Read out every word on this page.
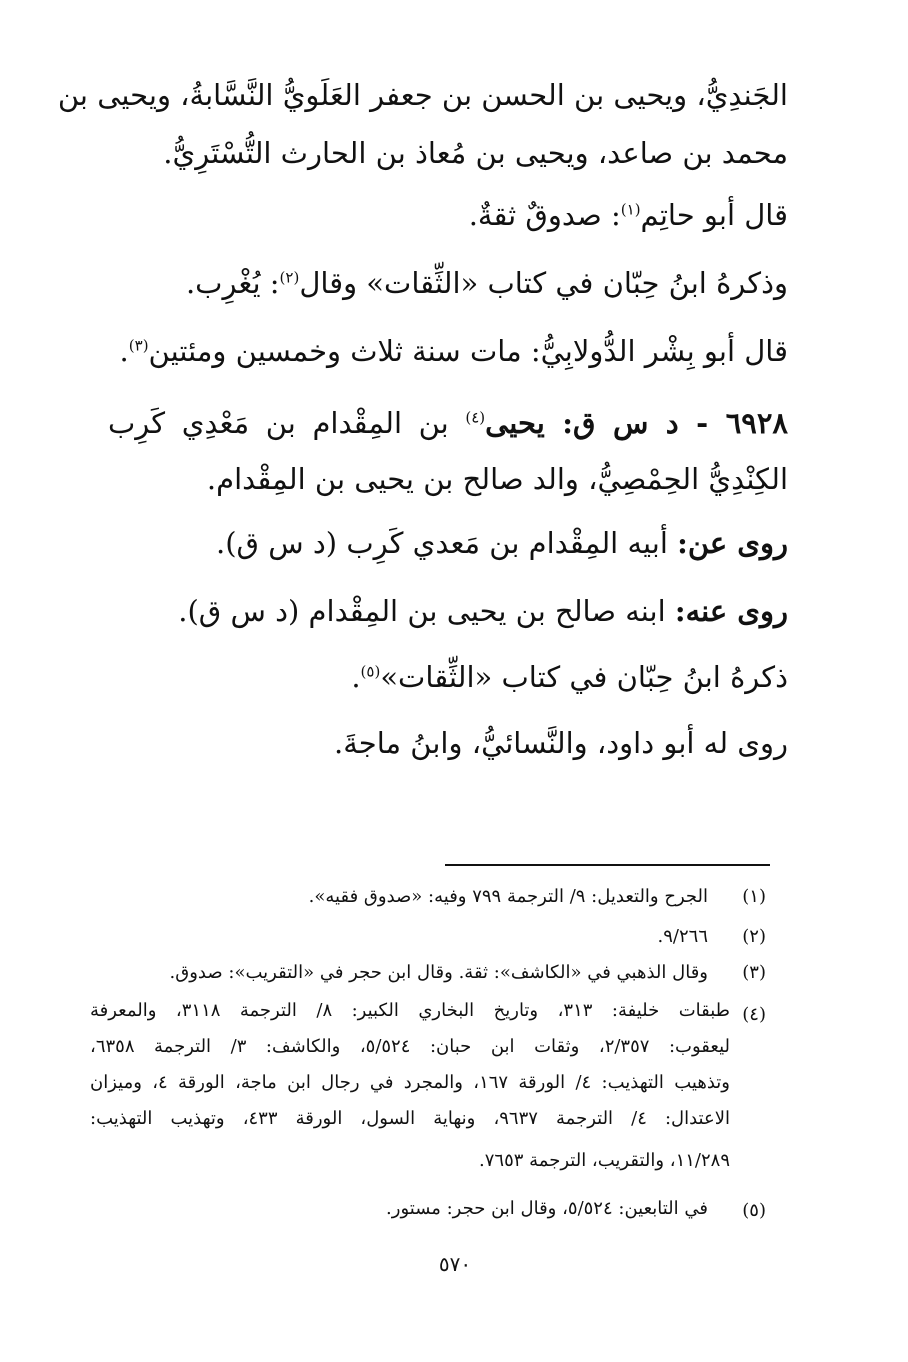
الجَندِيُّ، ويحيى بن الحسن بن جعفر العَلَويُّ النَّسَّابةُ، ويحيى بن
محمد بن صاعد، ويحيى بن مُعاذ بن الحارث التُّسْتَرِيُّ.
قال أبو حاتِم$^{(١)}$: صدوقٌ ثقةٌ.
وذكرهُ ابنُ حِبّان في كتاب «الثِّقات» وقال$^{(٢)}$: يُغْرِب.
قال أبو بِشْر الدُّولابِيُّ: مات سنة ثلاث وخمسين ومئتين$^{(٣)}$.
٦٩٢٨ - د س ق: يحيى$^{(٤)}$ بن المِقْدام بن مَعْدِي كَرِب
الكِنْدِيُّ الحِمْصِيُّ، والد صالح بن يحيى بن المِقْدام.
روى عن: أبيه المِقْدام بن مَعدي كَرِب (د س ق).
روى عنه: ابنه صالح بن يحيى بن المِقْدام (د س ق).
ذكرهُ ابنُ حِبّان في كتاب «الثِّقات»$^{(٥)}$.
روى له أبو داود، والنَّسائيُّ، وابنُ ماجةَ.
(١)
الجرح والتعديل: ٩/ الترجمة ٧٩٩ وفيه: «صدوق فقيه».
(٢)
٩/٢٦٦.
(٣)
وقال الذهبي في «الكاشف»: ثقة. وقال ابن حجر في «التقريب»: صدوق.
(٤)
طبقات خليفة: ٣١٣، وتاريخ البخاري الكبير: ٨/ الترجمة ٣١١٨، والمعرفة
ليعقوب: ٢/٣٥٧، وثقات ابن حبان: ٥/٥٢٤، والكاشف: ٣/ الترجمة ٦٣٥٨،
وتذهيب التهذيب: ٤/ الورقة ١٦٧، والمجرد في رجال ابن ماجة، الورقة ٤، وميزان
الاعتدال: ٤/ الترجمة ٩٦٣٧، ونهاية السول، الورقة ٤٣٣، وتهذيب التهذيب:
١١/٢٨٩، والتقريب، الترجمة ٧٦٥٣.
(٥)
في التابعين: ٥/٥٢٤، وقال ابن حجر: مستور.
٥٧٠
